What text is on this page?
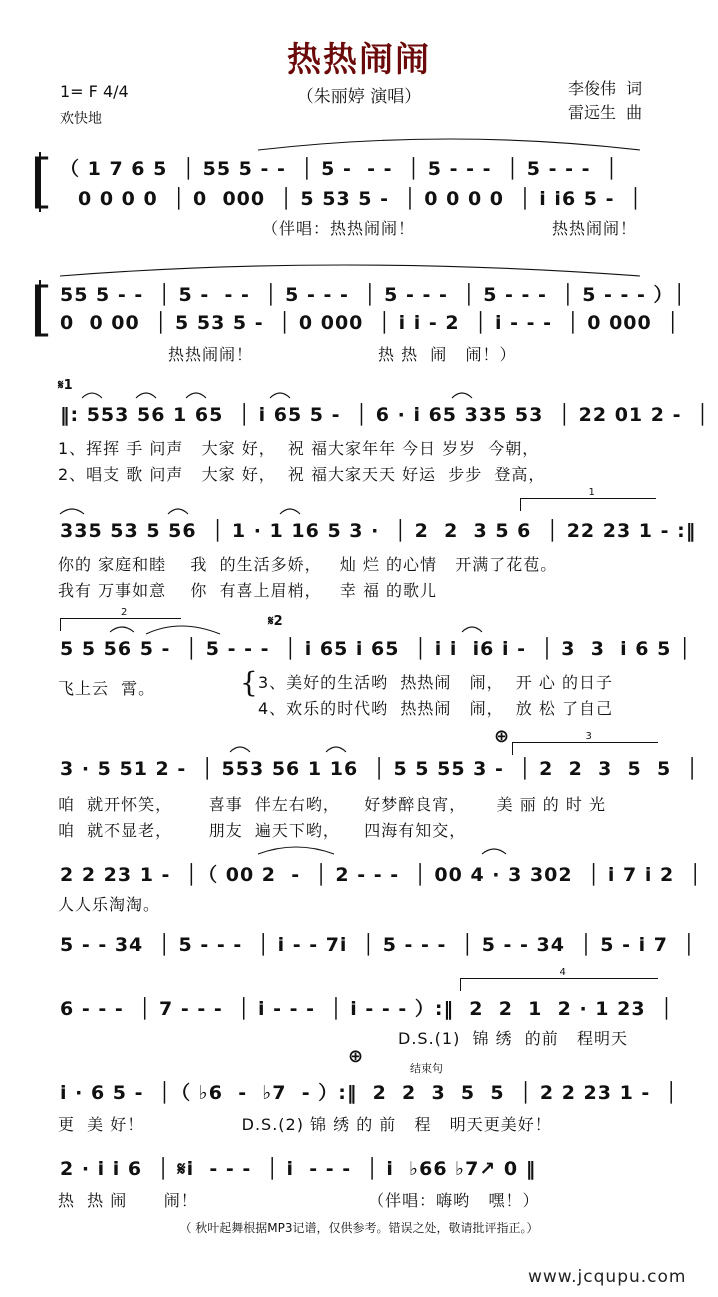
热热闹闹
（朱丽婷 演唱）
1= F 4/4
欢快地
李俊伟  词
雷远生  曲
[ （ 1 7 6 5  │ 55 5 - -  │ 5 -  - -  │ 5 - - -  │ 5 - - -  │
0 0 0 0  │ 0  000  │ 5 53 5 -  │ 0 0 0 0  │ i i6 5 -  │
（伴唱：热热闹闹！	热热闹闹！
[ 55 5 - -  │ 5 -  - -  │ 5 - - -  │ 5 - - -  │ 5 - - -  │ 5 - - - ）│
0  0 00  │ 5 53 5 -  │ 0 000  │ i i - 2  │ i - - -  │ 0 000  │
热热闹闹！	热 热  闹   闹！）
𝄋1
‖: 553 56 1 65  │ i 65 5 -  │ 6 · i 65 335 53  │ 22 01 2 -  │
1、挥挥 手 问声   大家 好，  祝 福大家年年 今日 岁岁  今朝，
2、唱支 歌 问声   大家 好，  祝 福大家天天 好运  步步  登高，
1
335 53 5 56  │ 1 · 1 16 5 3 ·  │ 2  2  3 5 6  │ 22 23 1 - :‖
你的 家庭和睦    我  的生活多娇，   灿 烂 的心情   开满了花苞。
我有 万事如意    你  有喜上眉梢，   幸 福 的歌儿
2
𝄋2
5 5 56 5 -  │ 5 - - -  │ i 65 i 65  │ i i  i6 i -  │ 3  3  i 6 5 │
飞上云  霄。	{ 3、美好的生活哟  热热闹   闹，  开 心 的日子
4、欢乐的时代哟  热热闹   闹，  放 松 了自己
⊕	3
3 · 5 51 2 -  │ 553 56 1 16  │ 5 5 55 3 -  │ 2  2  3  5  5  │
咱  就开怀笑，      喜事  伴左右哟，    好梦醉良宵，     美 丽 的 时 光
咱  就不显老，      朋友  遍天下哟，    四海有知交，
2 2 23 1 -  │（ 00 2  -  │ 2 - - -  │ 00 4 · 3 302  │ i 7 i 2  │
人人乐淘淘。
5 - - 34  │ 5 - - -  │ i - - 7i  │ 5 - - -  │ 5 - - 34  │ 5 - i 7  │
4
6 - - -  │ 7 - - -  │ i - - -  │ i - - - ）:‖  2  2  1  2 · 1 23  │
D.S.(1)  锦 绣  的前   程明天
⊕
结束句
i · 6 5 -  │（ ♭6  -  ♭7  - ）:‖  2  2  3  5  5  │ 2 2 23 1 -  │
更  美 好！                D.S.(2) 锦 绣 的 前   程   明天更美好！
2 · i i 6  │ 𝄋i  - - -  │ i  - - -  │ i  ♭66 ♭7↗ 0 ‖
热  热 闹      闹！                            （伴唱：嗨哟   嘿！）
（ 秋叶起舞根据MP3记谱，仅供参考。错误之处，敬请批评指正。）
www.jcqupu.com
